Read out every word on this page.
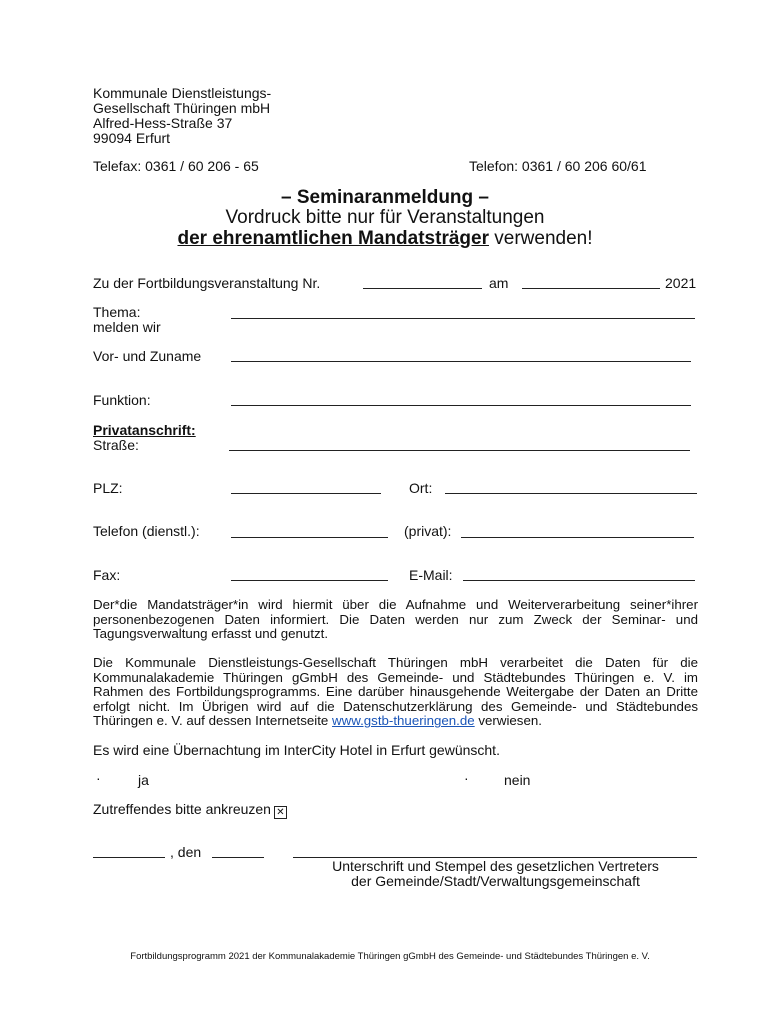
Kommunale Dienstleistungs-
Gesellschaft Thüringen mbH
Alfred-Hess-Straße 37
99094 Erfurt
Telefax: 0361 / 60 206 - 65	Telefon: 0361 / 60 206 60/61
– Seminaranmeldung –
Vordruck bitte nur für Veranstaltungen
der ehrenamtlichen Mandatsträger verwenden!
Zu der Fortbildungsveranstaltung Nr.	am	2021
Thema:
melden wir
Vor- und Zuname
Funktion:
Privatanschrift:
Straße:
PLZ:	Ort:
Telefon (dienstl.):	(privat):
Fax:	E-Mail:
Der*die Mandatsträger*in wird hiermit über die Aufnahme und Weiterverarbeitung seiner*ihrer personenbezogenen Daten informiert. Die Daten werden nur zum Zweck der Seminar- und Tagungsverwaltung erfasst und genutzt.
Die Kommunale Dienstleistungs-Gesellschaft Thüringen mbH verarbeitet die Daten für die Kommunalakademie Thüringen gGmbH des Gemeinde- und Städtebundes Thüringen e. V. im Rahmen des Fortbildungsprogramms. Eine darüber hinausgehende Weitergabe der Daten an Dritte erfolgt nicht. Im Übrigen wird auf die Datenschutzerklärung des Gemeinde- und Städtebundes Thüringen e. V. auf dessen Internetseite www.gstb-thueringen.de verwiesen.
Es wird eine Übernachtung im InterCity Hotel in Erfurt gewünscht.
·	ja	·	nein
Zutreffendes bitte ankreuzen ✕
, den
Unterschrift und Stempel des gesetzlichen Vertreters
der Gemeinde/Stadt/Verwaltungsgemeinschaft
Fortbildungsprogramm 2021 der Kommunalakademie Thüringen gGmbH des Gemeinde- und Städtebundes Thüringen e. V.
